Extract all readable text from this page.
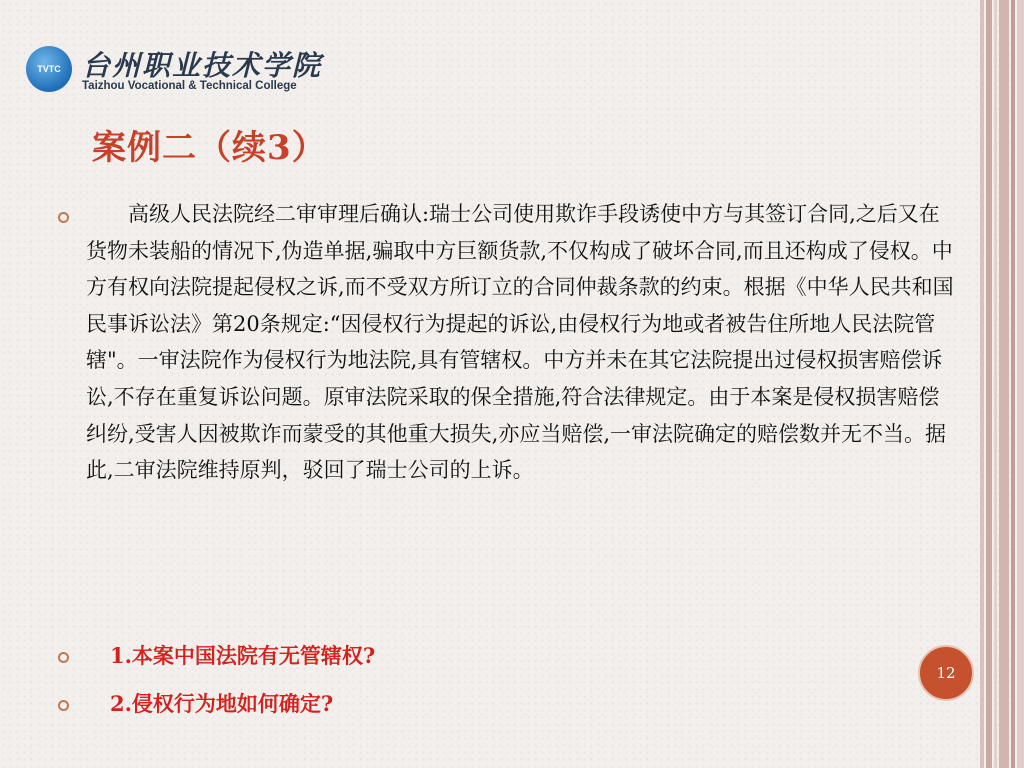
TVTC 台州职业技术学院
Taizhou Vocational & Technical College
案例二（续3）
高级人民法院经二审审理后确认:瑞士公司使用欺诈手段诱使中方与其签订合同,之后又在货物未装船的情况下,伪造单据,骗取中方巨额货款,不仅构成了破坏合同,而且还构成了侵权。中方有权向法院提起侵权之诉,而不受双方所订立的合同仲裁条款的约束。根据《中华人民共和国民事诉讼法》第20条规定:“因侵权行为提起的诉讼,由侵权行为地或者被告住所地人民法院管辖"。一审法院作为侵权行为地法院,具有管辖权。中方并未在其它法院提出过侵权损害赔偿诉讼,不存在重复诉讼问题。原审法院采取的保全措施,符合法律规定。由于本案是侵权损害赔偿纠纷,受害人因被欺诈而蒙受的其他重大损失,亦应当赔偿,一审法院确定的赔偿数并无不当。据此,二审法院维持原判，驳回了瑞士公司的上诉。
1.本案中国法院有无管辖权?
2.侵权行为地如何确定?
12
